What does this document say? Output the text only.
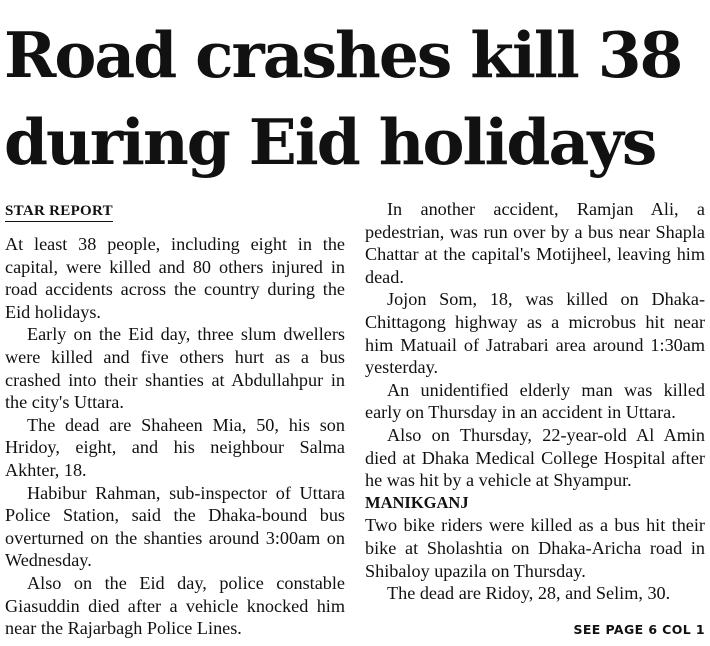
Road crashes kill 38
during Eid holidays
STAR REPORT

At least 38 people, including eight in the capital, were killed and 80 others injured in road accidents across the country during the Eid holidays.

Early on the Eid day, three slum dwellers were killed and five others hurt as a bus crashed into their shanties at Abdullahpur in the city's Uttara.

The dead are Shaheen Mia, 50, his son Hridoy, eight, and his neighbour Salma Akhter, 18.

Habibur Rahman, sub-inspector of Uttara Police Station, said the Dhaka-bound bus overturned on the shanties around 3:00am on Wednesday.

Also on the Eid day, police constable Giasuddin died after a vehicle knocked him near the Rajarbagh Police Lines.

In another accident, Ramjan Ali, a pedestrian, was run over by a bus near Shapla Chattar at the capital's Motijheel, leaving him dead.

Jojon Som, 18, was killed on Dhaka-Chittagong highway as a microbus hit near him Matuail of Jatrabari area around 1:30am yesterday.

An unidentified elderly man was killed early on Thursday in an accident in Uttara.

Also on Thursday, 22-year-old Al Amin died at Dhaka Medical College Hospital after he was hit by a vehicle at Shyampur.

MANIKGANJ

Two bike riders were killed as a bus hit their bike at Sholashtia on Dhaka-Aricha road in Shibaloy upazila on Thursday.

The dead are Ridoy, 28, and Selim, 30.

SEE PAGE 6 COL 1
